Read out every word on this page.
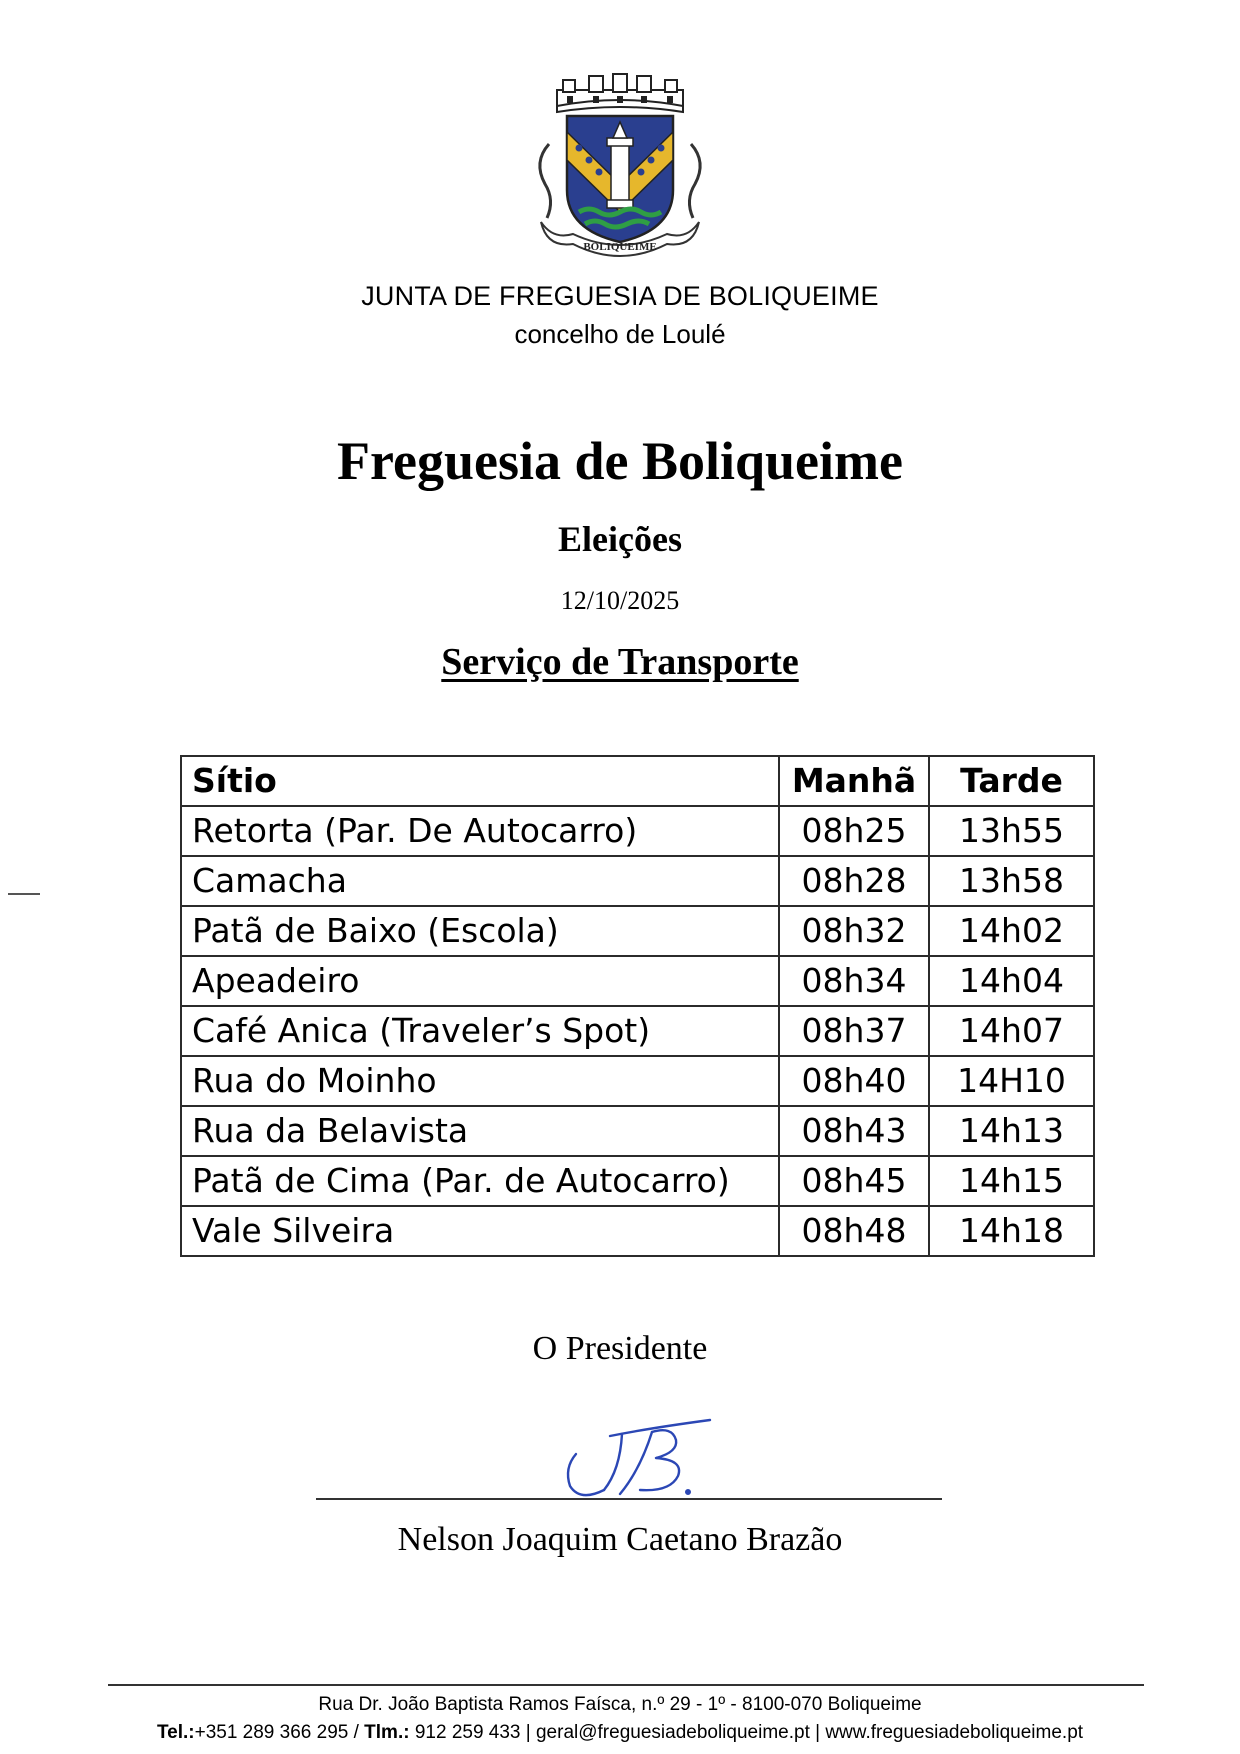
BOLIQUEIME
JUNTA DE FREGUESIA DE BOLIQUEIME
concelho de Loulé
Freguesia de Boliqueime
Eleições
12/10/2025
Serviço de Transporte
Sítio	Manhã	Tarde
Retorta (Par. De Autocarro)	08h25	13h55
Camacha	08h28	13h58
Patã de Baixo (Escola)	08h32	14h02
Apeadeiro	08h34	14h04
Café Anica (Traveler’s Spot)	08h37	14h07
Rua do Moinho	08h40	14H10
Rua da Belavista	08h43	14h13
Patã de Cima (Par. de Autocarro)	08h45	14h15
Vale Silveira	08h48	14h18
O Presidente
Nelson Joaquim Caetano Brazão
Rua Dr. João Baptista Ramos Faísca, n.º 29 - 1º - 8100-070 Boliqueime
Tel.:+351 289 366 295 / Tlm.: 912 259 433 | geral@freguesiadeboliqueime.pt | www.freguesiadeboliqueime.pt
